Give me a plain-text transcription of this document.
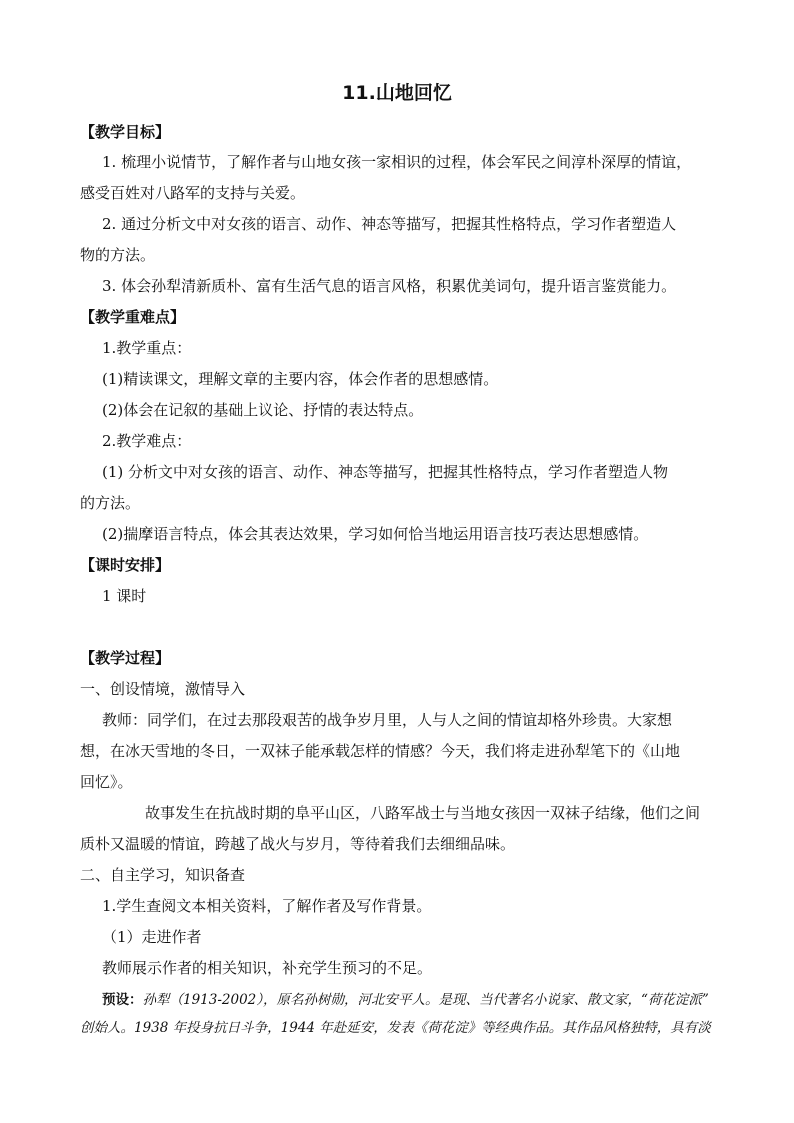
11.山地回忆
【教学目标】
1. 梳理小说情节，了解作者与山地女孩一家相识的过程，体会军民之间淳朴深厚的情谊，
感受百姓对八路军的支持与关爱。
2. 通过分析文中对女孩的语言、动作、神态等描写，把握其性格特点，学习作者塑造人
物的方法。
3. 体会孙犁清新质朴、富有生活气息的语言风格，积累优美词句，提升语言鉴赏能力。
【教学重难点】
1.教学重点：
(1)精读课文，理解文章的主要内容，体会作者的思想感情。
(2)体会在记叙的基础上议论、抒情的表达特点。
2.教学难点：
(1) 分析文中对女孩的语言、动作、神态等描写，把握其性格特点，学习作者塑造人物
的方法。
(2)揣摩语言特点，体会其表达效果，学习如何恰当地运用语言技巧表达思想感情。
【课时安排】
1 课时
【教学过程】
一、创设情境，激情导入
教师：同学们，在过去那段艰苦的战争岁月里，人与人之间的情谊却格外珍贵。大家想
想，在冰天雪地的冬日，一双袜子能承载怎样的情感？今天，我们将走进孙犁笔下的《山地
回忆》。
故事发生在抗战时期的阜平山区，八路军战士与当地女孩因一双袜子结缘，他们之间
质朴又温暖的情谊，跨越了战火与岁月，等待着我们去细细品味。
二、自主学习，知识备查
1.学生查阅文本相关资料，了解作者及写作背景。
（1）走进作者
教师展示作者的相关知识，补充学生预习的不足。
预设：孙犁（1913-2002），原名孙树勋，河北安平人。是现、当代著名小说家、散文家，“荷花淀派”
创始人。1938 年投身抗日斗争，1944 年赴延安，发表《荷花淀》等经典作品。其作品风格独特，具有淡
